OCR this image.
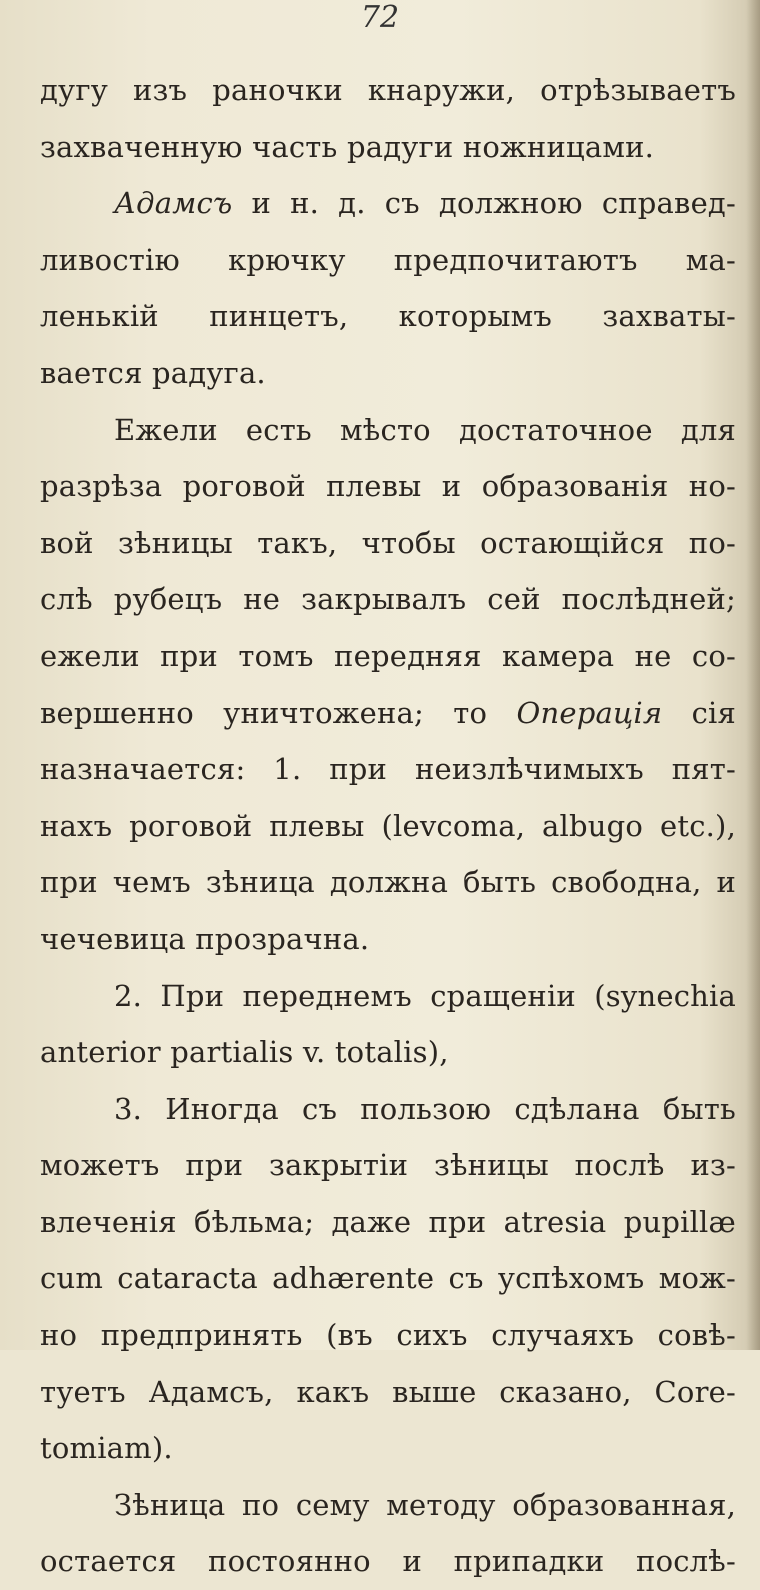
72
дугу изъ раночки кнаружи, отрѣзываетъ
захваченную часть радуги ножницами.
Адамсъ и н. д. съ должною справед-
ливостію крючку предпочитаютъ ма-
ленькій пинцетъ, которымъ захваты-
вается радуга.
Ежели есть мѣсто достаточное для
разрѣза роговой плевы и образованія но-
вой зѣницы такъ, чтобы остающійся по-
слѣ рубецъ не закрывалъ сей послѣдней;
ежели при томъ передняя камера не со-
вершенно уничтожена; то Операція сія
назначается: 1. при неизлѣчимыхъ пят-
нахъ роговой плевы (levcoma, albugo etc.),
при чемъ зѣница должна быть свободна, и
чечевица прозрачна.
2. При переднемъ сращеніи (synechia
anterior partialis v. totalis),
3. Иногда съ пользою сдѣлана быть
можетъ при закрытіи зѣницы послѣ из-
влеченія бѣльма; даже при atresia pupillæ
cum cataracta adhærente съ успѣхомъ мож-
но предпринять (въ сихъ случаяхъ совѣ-
туетъ Адамсъ, какъ выше сказано, Core-
tomiam).
Зѣница по сему методу образованная,
остается постоянно и припадки послѣ-
